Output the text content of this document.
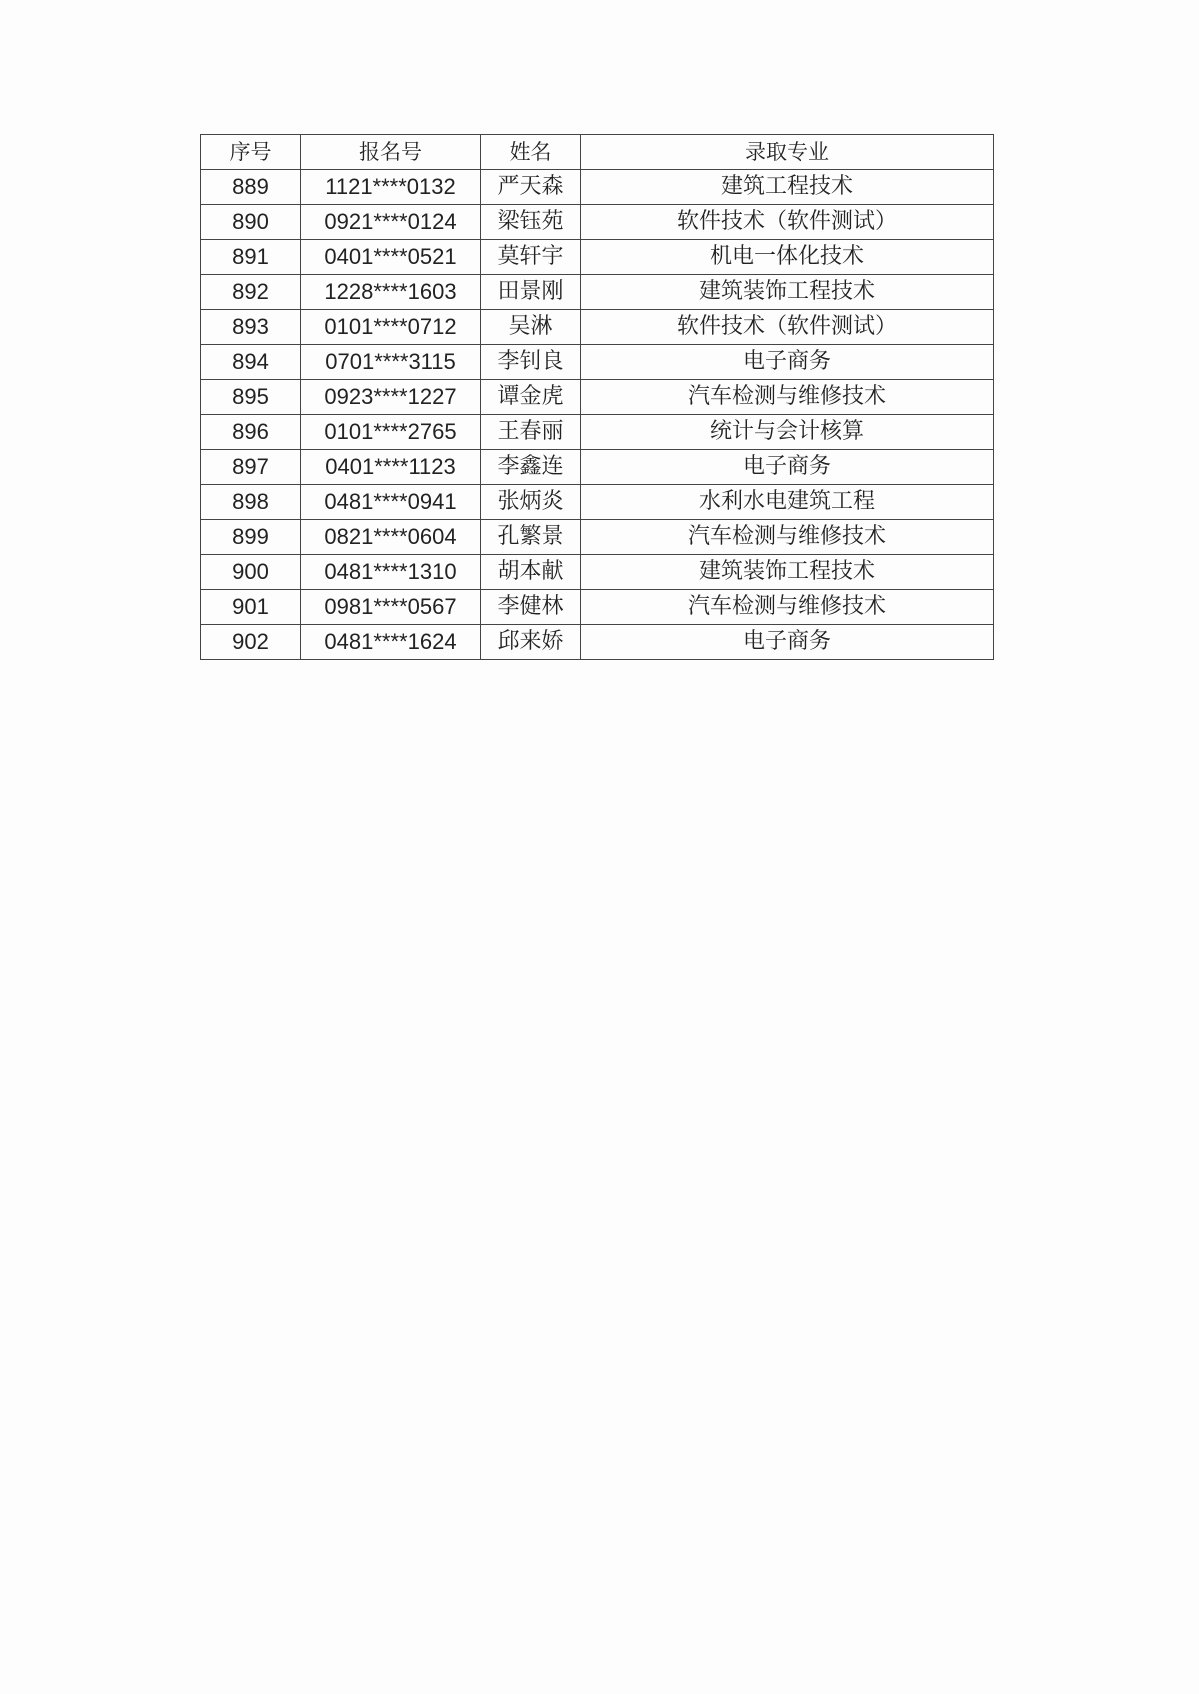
序号	报名号	姓名	录取专业
889	1121****0132	严天森	建筑工程技术
890	0921****0124	梁钰苑	软件技术（软件测试）
891	0401****0521	莫轩宇	机电一体化技术
892	1228****1603	田景刚	建筑装饰工程技术
893	0101****0712	吴淋	软件技术（软件测试）
894	0701****3115	李钊良	电子商务
895	0923****1227	谭金虎	汽车检测与维修技术
896	0101****2765	王春丽	统计与会计核算
897	0401****1123	李鑫连	电子商务
898	0481****0941	张炳炎	水利水电建筑工程
899	0821****0604	孔繁景	汽车检测与维修技术
900	0481****1310	胡本献	建筑装饰工程技术
901	0981****0567	李健林	汽车检测与维修技术
902	0481****1624	邱来娇	电子商务
